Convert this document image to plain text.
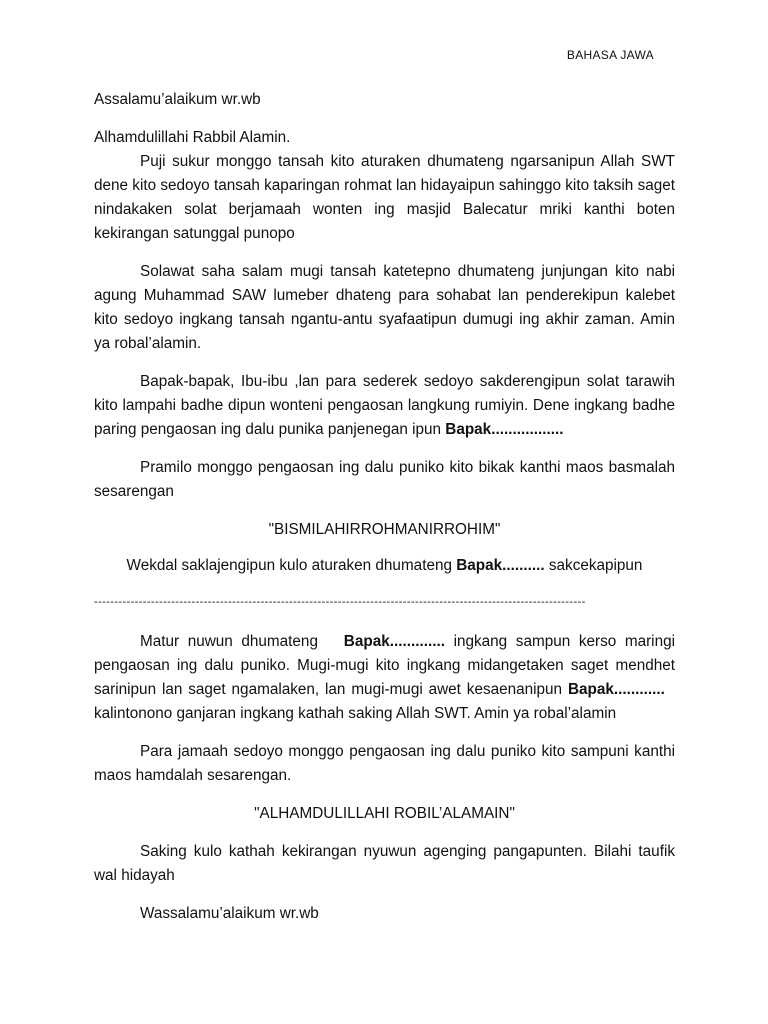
BAHASA JAWA

Assalamu’alaikum wr.wb

Alhamdulillahi Rabbil Alamin.

Puji sukur monggo tansah kito aturaken dhumateng ngarsanipun Allah SWT dene kito sedoyo tansah kaparingan rohmat lan hidayaipun sahinggo kito taksih saget nindakaken solat berjamaah wonten ing masjid Balecatur mriki kanthi boten kekirangan satunggal punopo

Solawat saha salam mugi tansah katetepno dhumateng junjungan kito nabi agung Muhammad SAW lumeber dhateng para sohabat lan penderekipun kalebet kito sedoyo ingkang tansah ngantu-antu syafaatipun dumugi ing akhir zaman. Amin ya robal’alamin.

Bapak-bapak, Ibu-ibu ,lan para sederek sedoyo sakderengipun solat tarawih kito lampahi badhe dipun wonteni pengaosan langkung rumiyin. Dene ingkang badhe paring pengaosan ing dalu punika panjenegan ipun Bapak.................

Pramilo monggo pengaosan ing dalu puniko kito bikak kanthi maos basmalah sesarengan

"BISMILAHIRROHMANIRROHIM"

Wekdal saklajengipun kulo aturaken dhumateng Bapak.......... sakcekapipun

-------------------------------------------------------------------------------------------------------------------------

Matur nuwun dhumateng Bapak............. ingkang sampun kerso maringi pengaosan ing dalu puniko. Mugi-mugi kito ingkang midangetaken saget mendhet sarinipun lan saget ngamalaken, lan mugi-mugi awet kesaenanipun Bapak............   kalintonono ganjaran ingkang kathah saking Allah SWT. Amin ya robal’alamin

Para jamaah sedoyo monggo pengaosan ing dalu puniko kito sampuni kanthi maos hamdalah sesarengan.

"ALHAMDULILLAHI ROBIL’ALAMAIN"

Saking kulo kathah kekirangan nyuwun agenging pangapunten. Bilahi taufik wal hidayah

Wassalamu’alaikum wr.wb
